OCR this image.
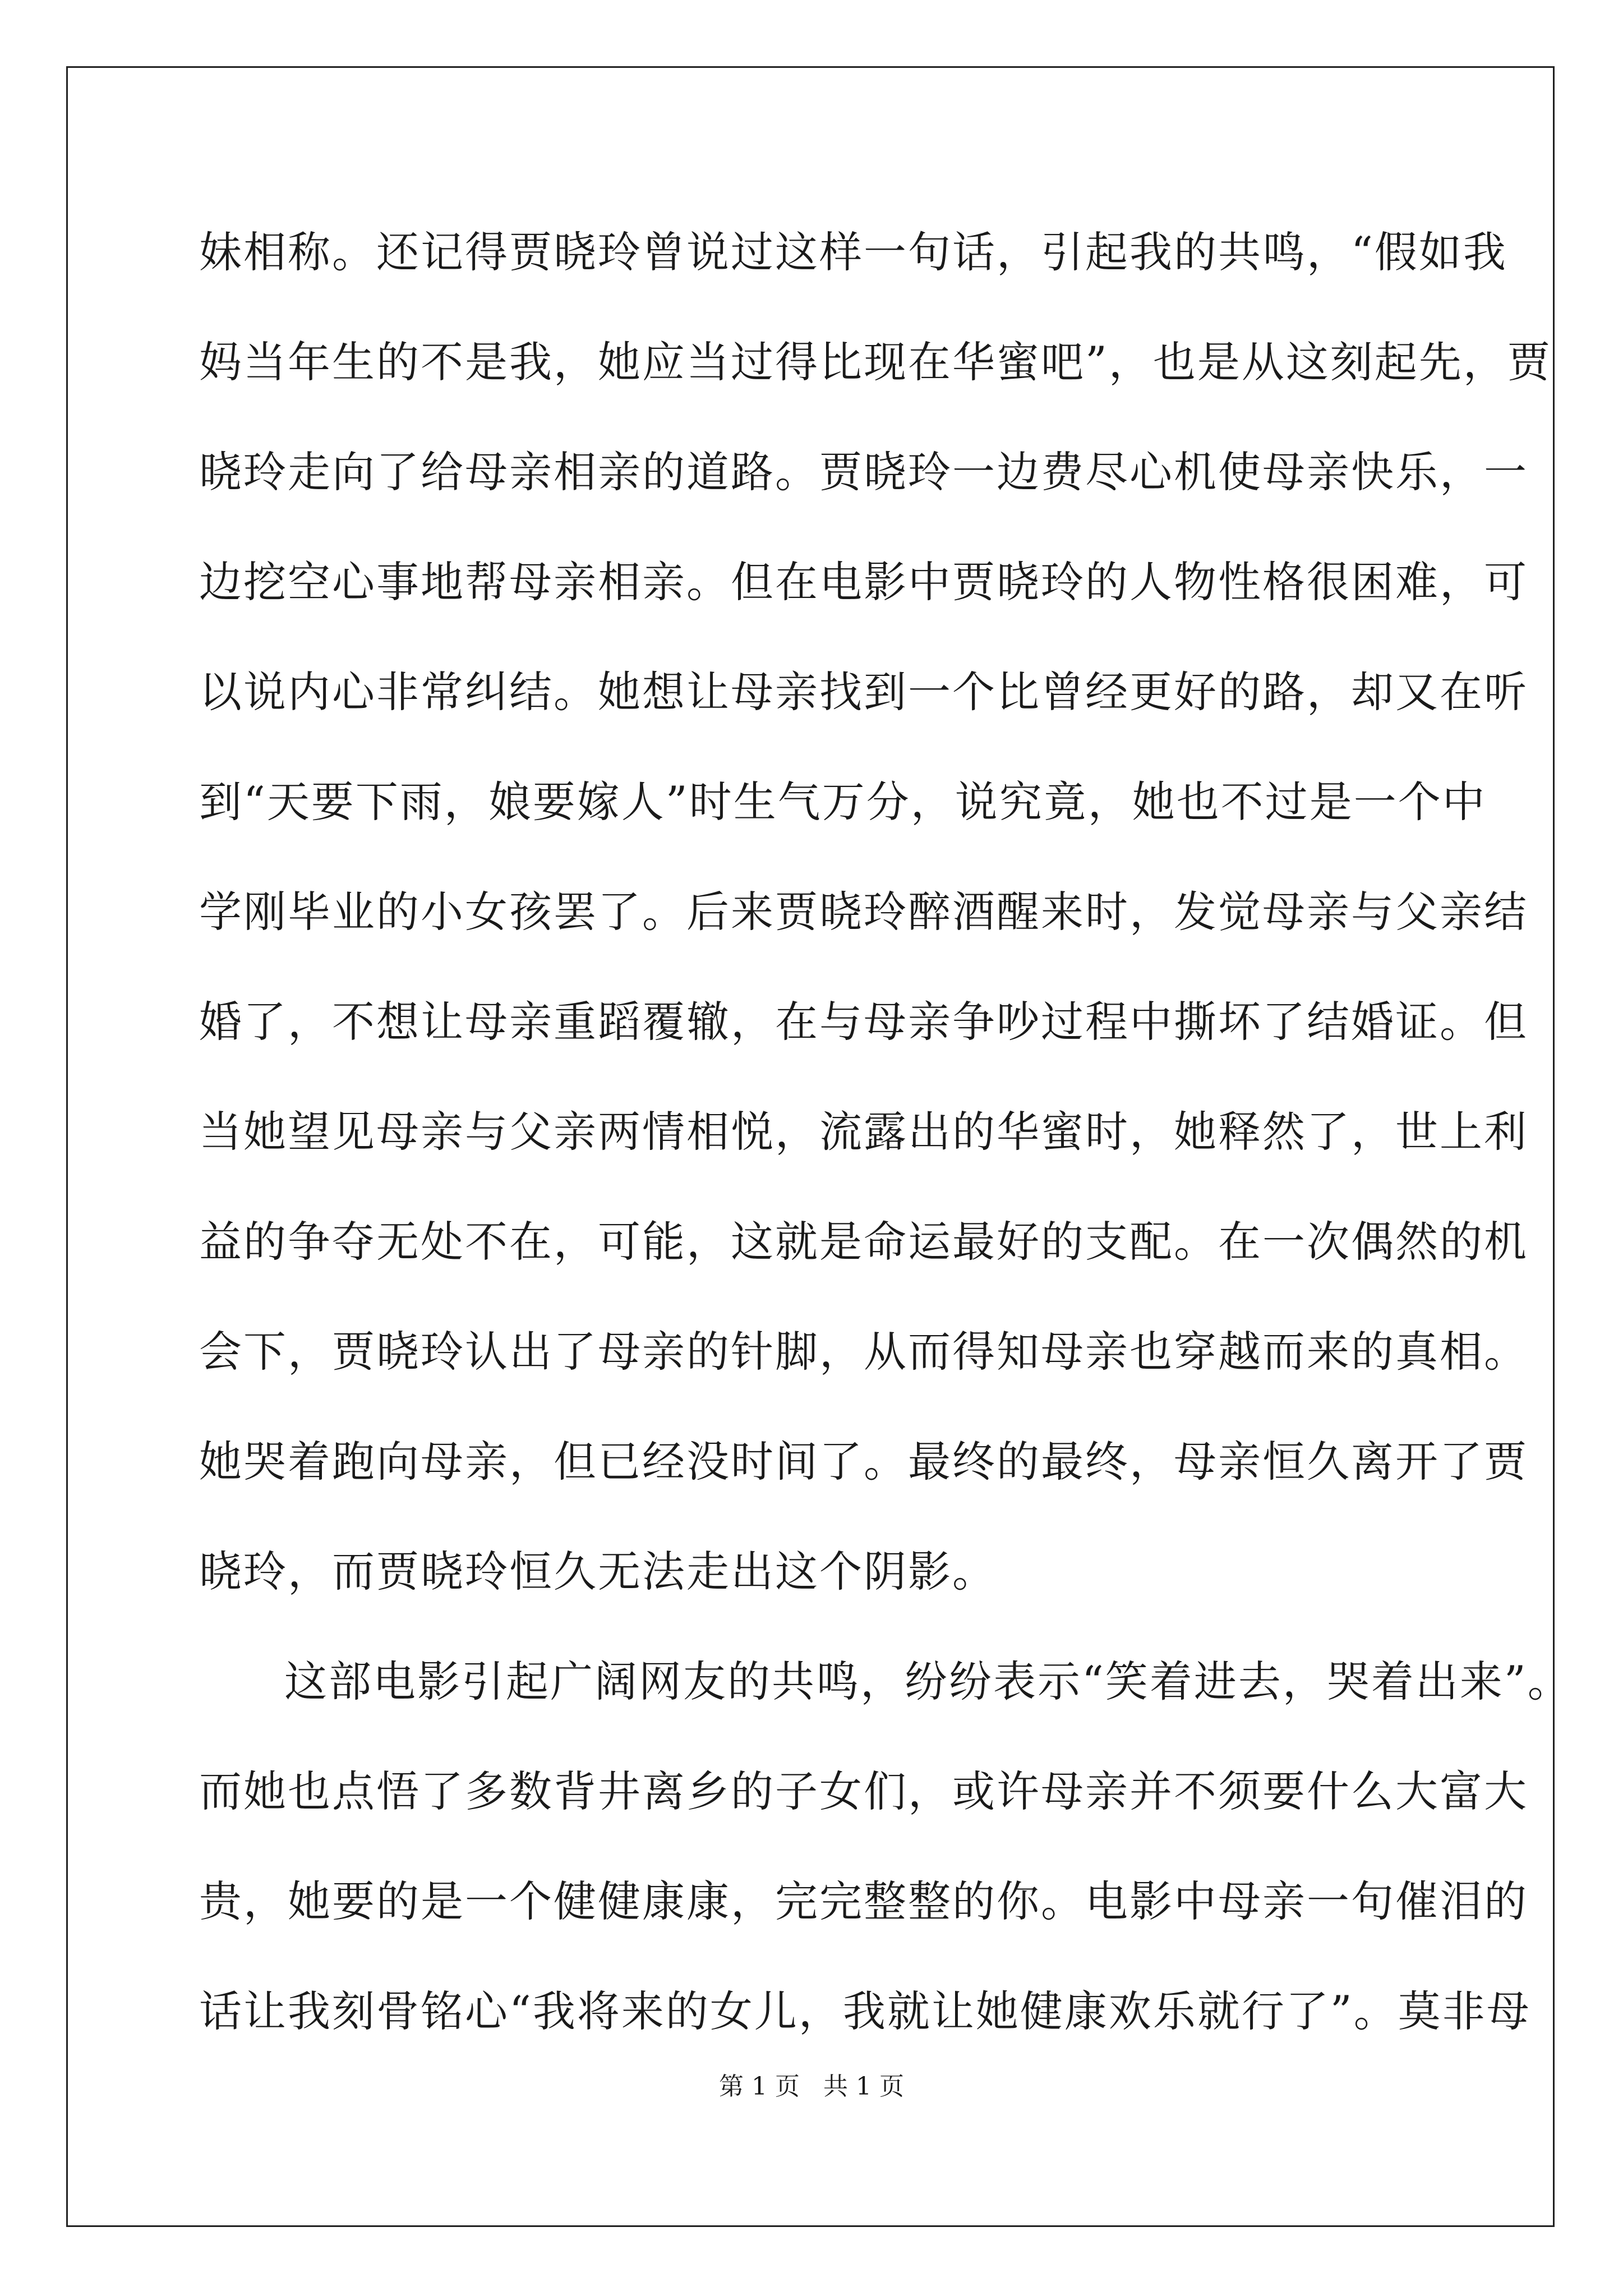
妹相称。还记得贾晓玲曾说过这样一句话，引起我的共鸣，“假如我
妈当年生的不是我，她应当过得比现在华蜜吧”，也是从这刻起先，贾
晓玲走向了给母亲相亲的道路。贾晓玲一边费尽心机使母亲快乐，一
边挖空心事地帮母亲相亲。但在电影中贾晓玲的人物性格很困难，可
以说内心非常纠结。她想让母亲找到一个比曾经更好的路，却又在听
到“天要下雨，娘要嫁人”时生气万分，说究竟，她也不过是一个中
学刚毕业的小女孩罢了。后来贾晓玲醉酒醒来时，发觉母亲与父亲结
婚了，不想让母亲重蹈覆辙，在与母亲争吵过程中撕坏了结婚证。但
当她望见母亲与父亲两情相悦，流露出的华蜜时，她释然了，世上利
益的争夺无处不在，可能，这就是命运最好的支配。在一次偶然的机
会下，贾晓玲认出了母亲的针脚，从而得知母亲也穿越而来的真相。
她哭着跑向母亲，但已经没时间了。最终的最终，母亲恒久离开了贾
晓玲，而贾晓玲恒久无法走出这个阴影。
这部电影引起广阔网友的共鸣，纷纷表示“笑着进去，哭着出来”。
而她也点悟了多数背井离乡的子女们，或许母亲并不须要什么大富大
贵，她要的是一个健健康康，完完整整的你。电影中母亲一句催泪的
话让我刻骨铭心“我将来的女儿，我就让她健康欢乐就行了”。莫非母
第 1 页   共 1 页
